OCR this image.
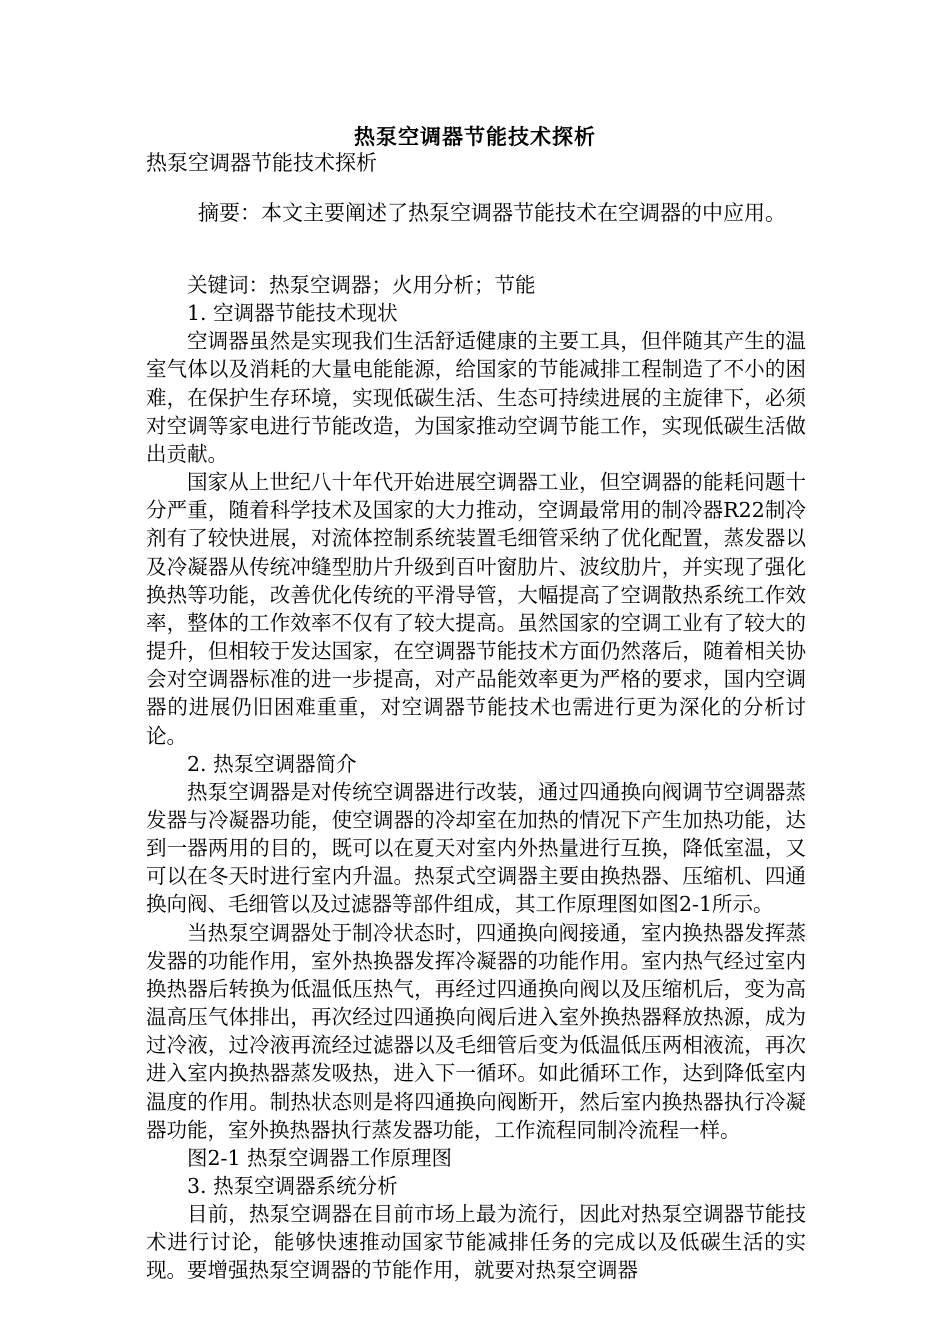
热泵空调器节能技术探析
热泵空调器节能技术探析
摘要：本文主要阐述了热泵空调器节能技术在空调器的中应用。

关键词：热泵空调器；火用分析；节能

1. 空调器节能技术现状

空调器虽然是实现我们生活舒适健康的主要工具，但伴随其产生的温室气体以及消耗的大量电能能源，给国家的节能减排工程制造了不小的困难，在保护生存环境，实现低碳生活、生态可持续进展的主旋律下，必须对空调等家电进行节能改造，为国家推动空调节能工作，实现低碳生活做出贡献。

国家从上世纪八十年代开始进展空调器工业，但空调器的能耗问题十分严重，随着科学技术及国家的大力推动，空调最常用的制冷器R22制冷剂有了较快进展，对流体控制系统装置毛细管采纳了优化配置，蒸发器以及冷凝器从传统冲缝型肋片升级到百叶窗肋片、波纹肋片，并实现了强化换热等功能，改善优化传统的平滑导管，大幅提高了空调散热系统工作效率，整体的工作效率不仅有了较大提高。虽然国家的空调工业有了较大的提升，但相较于发达国家，在空调器节能技术方面仍然落后，随着相关协会对空调器标准的进一步提高，对产品能效率更为严格的要求，国内空调器的进展仍旧困难重重，对空调器节能技术也需进行更为深化的分析讨论。

2. 热泵空调器简介

热泵空调器是对传统空调器进行改装，通过四通换向阀调节空调器蒸发器与冷凝器功能，使空调器的冷却室在加热的情况下产生加热功能，达到一器两用的目的，既可以在夏天对室内外热量进行互换，降低室温，又可以在冬天时进行室内升温。热泵式空调器主要由换热器、压缩机、四通换向阀、毛细管以及过滤器等部件组成，其工作原理图如图2-1所示。

当热泵空调器处于制冷状态时，四通换向阀接通，室内换热器发挥蒸发器的功能作用，室外热换器发挥冷凝器的功能作用。室内热气经过室内换热器后转换为低温低压热气，再经过四通换向阀以及压缩机后，变为高温高压气体排出，再次经过四通换向阀后进入室外换热器释放热源，成为过冷液，过冷液再流经过滤器以及毛细管后变为低温低压两相液流，再次进入室内换热器蒸发吸热，进入下一循环。如此循环工作，达到降低室内温度的作用。制热状态则是将四通换向阀断开，然后室内换热器执行冷凝器功能，室外换热器执行蒸发器功能，工作流程同制冷流程一样。

图2-1 热泵空调器工作原理图

3. 热泵空调器系统分析

目前，热泵空调器在目前市场上最为流行，因此对热泵空调器节能技术进行讨论，能够快速推动国家节能减排任务的完成以及低碳生活的实现。要增强热泵空调器的节能作用，就要对热泵空调器
